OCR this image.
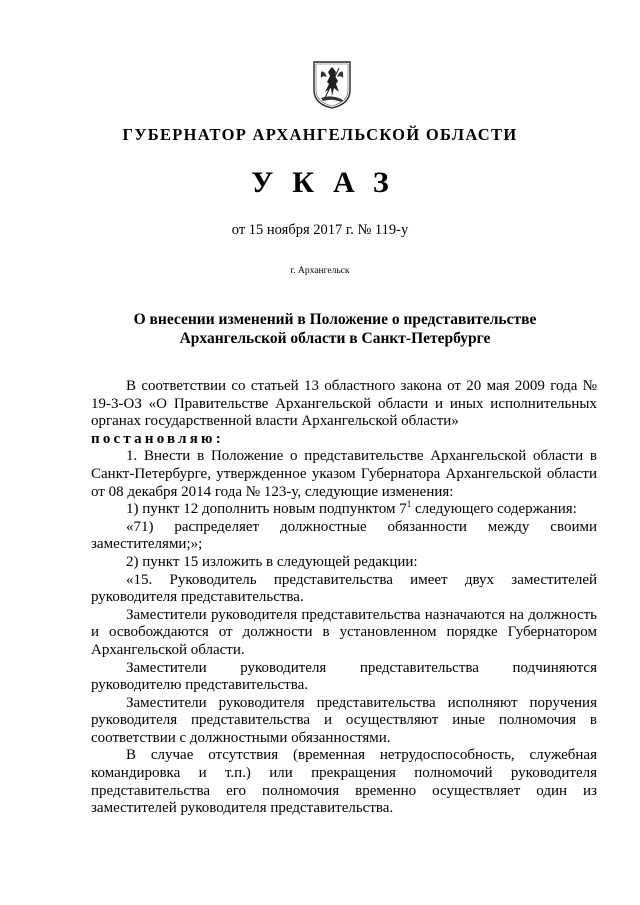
ГУБЕРНАТОР АРХАНГЕЛЬСКОЙ ОБЛАСТИ
УКАЗ
от 15 ноября 2017 г. № 119-у
г. Архангельск
О внесении изменений в Положение о представительстве
Архангельской области в Санкт-Петербурге

В соответствии со статьей 13 областного закона от 20 мая 2009 года № 19-3-ОЗ «О Правительстве Архангельской области и иных исполнительных органах государственной власти Архангельской области»

постановляю:

1. Внести в Положение о представительстве Архангельской области в Санкт-Петербурге, утвержденное указом Губернатора Архангельской области от 08 декабря 2014 года № 123-у, следующие изменения:

1) пункт 12 дополнить новым подпунктом $7^1$ следующего содержания:

«71) распределяет должностные обязанности между своими заместителями;»;

2) пункт 15 изложить в следующей редакции:

«15. Руководитель представительства имеет двух заместителей руководителя представительства.

Заместители руководителя представительства назначаются на должность и освобождаются от должности в установленном порядке Губернатором Архангельской области.

Заместители руководителя представительства подчиняются руководителю представительства.

Заместители руководителя представительства исполняют поручения руководителя представительства и осуществляют иные полномочия в соответствии с должностными обязанностями.

В случае отсутствия (временная нетрудоспособность, служебная командировка и т.п.) или прекращения полномочий руководителя представительства его полномочия временно осуществляет один из заместителей руководителя представительства.
